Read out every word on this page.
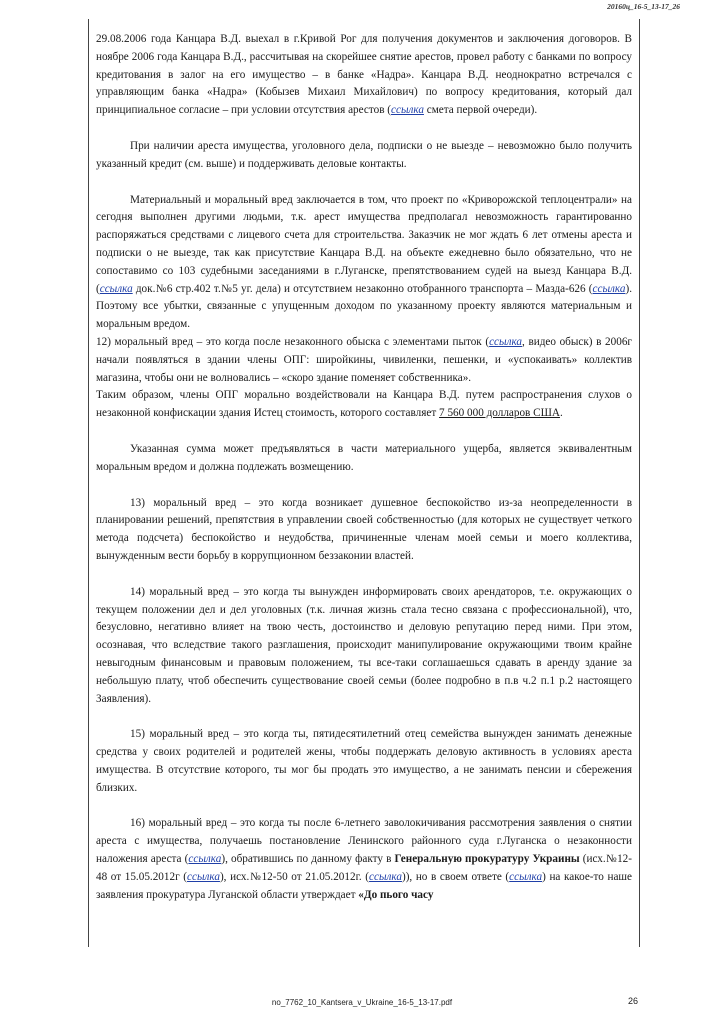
20160ц_16-5_13-17_26

29.08.2006 года Канцара В.Д. выехал в г.Кривой Рог для получения документов и заключения договоров. В ноябре 2006 года Канцара В.Д., рассчитывая на скорейшее снятие арестов, провел работу с банками по вопросу кредитования в залог на его имущество – в банке «Надра». Канцара В.Д. неоднократно встречался с управляющим банка «Надра» (Кобызев Михаил Михайлович) по вопросу кредитования, который дал принципиальное согласие – при условии отсутствия арестов (ссылка смета первой очереди).

При наличии ареста имущества, уголовного дела, подписки о не выезде – невозможно было получить указанный кредит (см. выше) и поддерживать деловые контакты.

Материальный и моральный вред заключается в том, что проект по «Криворожской теплоцентрали» на сегодня выполнен другими людьми, т.к. арест имущества предполагал невозможность гарантированно распоряжаться средствами с лицевого счета для строительства. Заказчик не мог ждать 6 лет отмены ареста и подписки о не выезде, так как присутствие Канцара В.Д. на объекте ежедневно было обязательно, что не сопоставимо со 103 судебными заседаниями в г.Луганске, препятствованием судей на выезд Канцара В.Д. (ссылка док.№6 стр.402 т.№5 уг. дела) и отсутствием незаконно отобранного транспорта – Мазда-626 (ссылка). Поэтому все убытки, связанные с упущенным доходом по указанному проекту являются материальным и моральным вредом.

12) моральный вред – это когда после незаконного обыска с элементами пыток (ссылка, видео обыск) в 2006г начали появляться в здании члены ОПГ: широйкины, чивиленки, пешенки, и «успокаивать» коллектив магазина, чтобы они не волновались – «скоро здание поменяет собственника».

Таким образом, члены ОПГ морально воздействовали на Канцара В.Д. путем распространения слухов о незаконной конфискации здания Истец стоимость, которого составляет 7 560 000 долларов США.

Указанная сумма может предъявляться в части материального ущерба, является эквивалентным моральным вредом и должна подлежать возмещению.

13) моральный вред – это когда возникает душевное беспокойство из-за неопределенности в планировании решений, препятствия в управлении своей собственностью (для которых не существует четкого метода подсчета) беспокойство и неудобства, причиненные членам моей семьи и моего коллектива, вынужденным вести борьбу в коррупционном беззаконии властей.

14) моральный вред – это когда ты вынужден информировать своих арендаторов, т.е. окружающих о текущем положении дел и дел уголовных (т.к. личная жизнь стала тесно связана с профессиональной), что, безусловно, негативно влияет на твою честь, достоинство и деловую репутацию перед ними. При этом, осознавая, что вследствие такого разглашения, происходит манипулирование окружающими твоим крайне невыгодным финансовым и правовым положением, ты все-таки соглашаешься сдавать в аренду здание за небольшую плату, чтоб обеспечить существование своей семьи (более подробно в п.в ч.2 п.1 р.2 настоящего Заявления).

15) моральный вред – это когда ты, пятидесятилетний отец семейства вынужден занимать денежные средства у своих родителей и родителей жены, чтобы поддержать деловую активность в условиях ареста имущества. В отсутствие которого, ты мог бы продать это имущество, а не занимать пенсии и сбережения близких.

16) моральный вред – это когда ты после 6-летнего заволокичивания рассмотрения заявления о снятии ареста с имущества, получаешь постановление Ленинского районного суда г.Луганска о незаконности наложения ареста (ссылка), обратившись по данному факту в Генеральную прокуратуру Украины (исх.№12-48 от 15.05.2012г (ссылка), исх.№12-50 от 21.05.2012г. (ссылка)), но в своем ответе (ссылка) на какое-то наше заявления прокуратура Луганской области утверждает «До пього часу

no_7762_10_Kantsera_v_Ukraine_16-5_13-17.pdf	26
